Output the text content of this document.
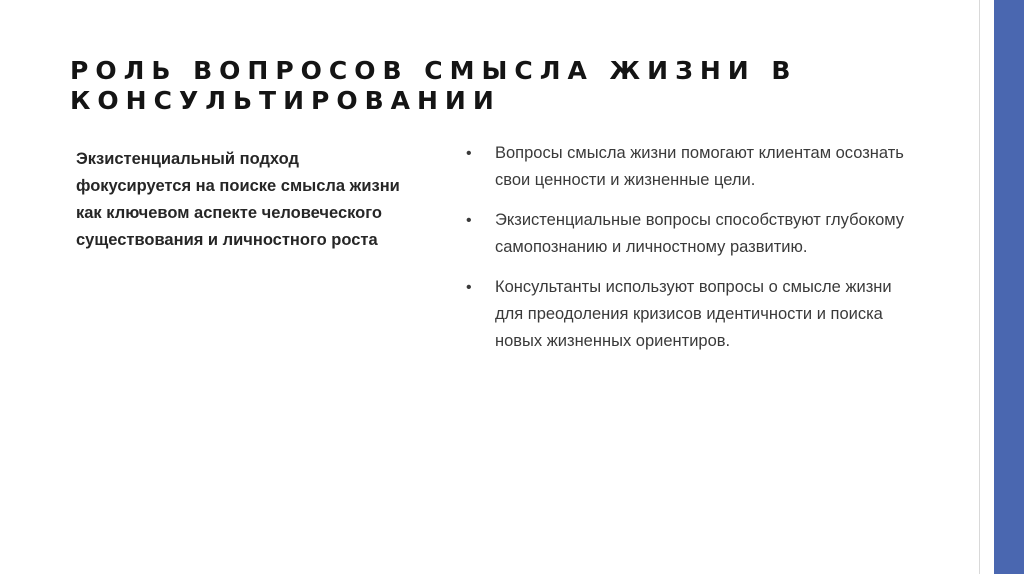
РОЛЬ ВОПРОСОВ СМЫСЛА ЖИЗНИ В КОНСУЛЬТИРОВАНИИ

Экзистенциальный подход фокусируется на поиске смысла жизни как ключевом аспекте человеческого существования и личностного роста

• Вопросы смысла жизни помогают клиентам осознать свои ценности и жизненные цели.
• Экзистенциальные вопросы способствуют глубокому самопознанию и личностному развитию.
• Консультанты используют вопросы о смысле жизни для преодоления кризисов идентичности и поиска новых жизненных ориентиров.
